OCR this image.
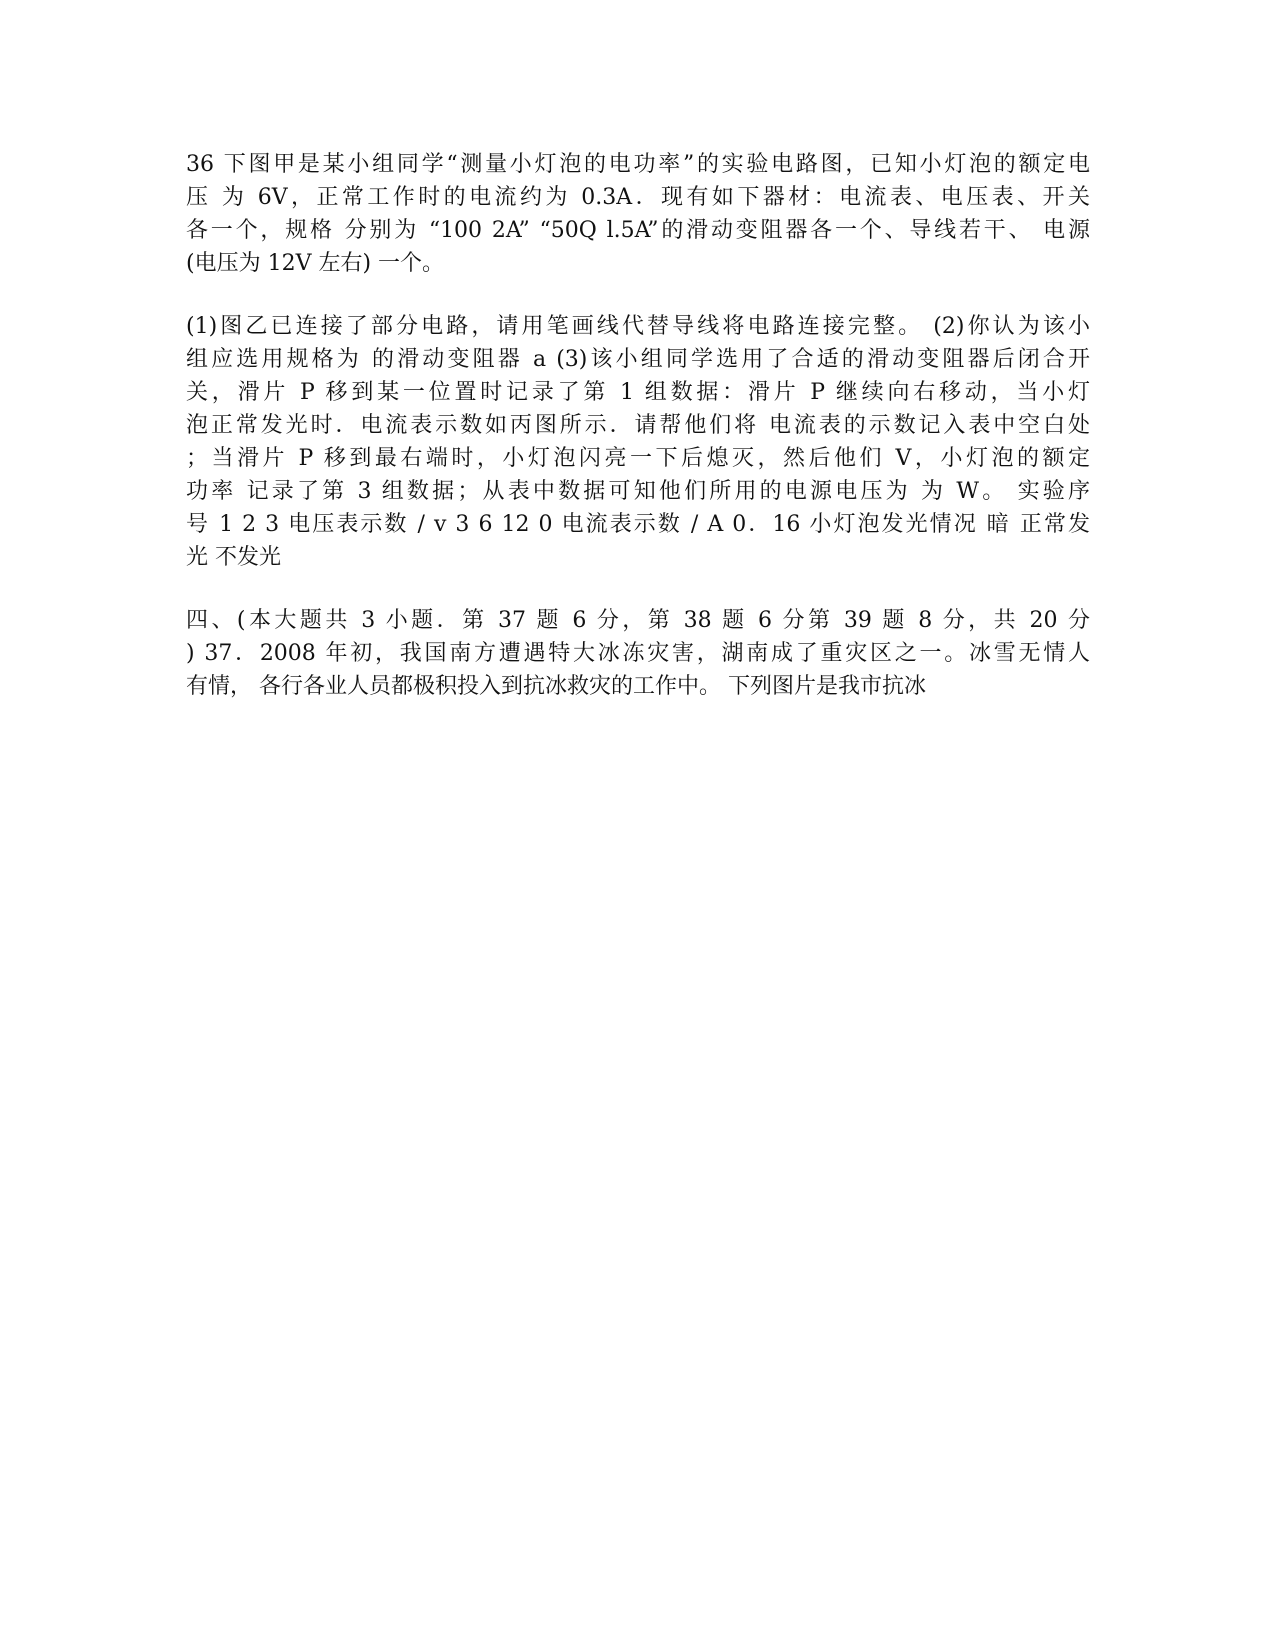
36 下图甲是某小组同学“测量小灯泡的电功率”的实验电路图，已知小灯泡的额定电
压 为 6V，正常工作时的电流约为 0.3A．现有如下器材：电流表、电压表、开关
各一个，规格 分别为 “100 2A” “50Q l.5A”的滑动变阻器各一个、导线若干、 电源
(电压为 12V 左右) 一个。

(1)图乙已连接了部分电路，请用笔画线代替导线将电路连接完整。 (2)你认为该小
组应选用规格为 的滑动变阻器 a (3)该小组同学选用了合适的滑动变阻器后闭合开
关，滑片 P 移到某一位置时记录了第 1 组数据：滑片 P 继续向右移动，当小灯
泡正常发光时．电流表示数如丙图所示．请帮他们将 电流表的示数记入表中空白处
；当滑片 P 移到最右端时，小灯泡闪亮一下后熄灭，然后他们 V，小灯泡的额定
功率 记录了第 3 组数据；从表中数据可知他们所用的电源电压为 为 W。 实验序
号 1 2 3 电压表示数 / v 3 6 12 0 电流表示数 / A 0．16 小灯泡发光情况 暗 正常发
光 不发光

四、(本大题共 3 小题．第 37 题 6 分，第 38 题 6 分第 39 题 8 分，共 20 分
) 37．2008 年初，我国南方遭遇特大冰冻灾害，湖南成了重灾区之一。冰雪无情人
有情， 各行各业人员都极积投入到抗冰救灾的工作中。 下列图片是我市抗冰
